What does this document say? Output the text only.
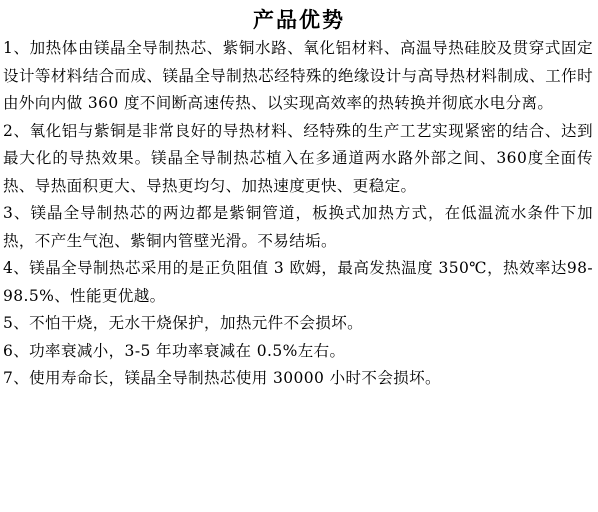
产品优势

1、加热体由镁晶全导制热芯、紫铜水路、氧化铝材料、高温导热硅胶及贯穿式固定设计等材料结合而成、镁晶全导制热芯经特殊的绝缘设计与高导热材料制成、工作时由外向内做 360 度不间断高速传热、以实现高效率的热转换并彻底水电分离。

2、氧化铝与紫铜是非常良好的导热材料、经特殊的生产工艺实现紧密的结合、达到最大化的导热效果。镁晶全导制热芯植入在多通道两水路外部之间、360度全面传热、导热面积更大、导热更均匀、加热速度更快、更稳定。

3、镁晶全导制热芯的两边都是紫铜管道，板换式加热方式，在低温流水条件下加热，不产生气泡、紫铜内管壁光滑。不易结垢。

4、镁晶全导制热芯采用的是正负阻值 3 欧姆，最高发热温度 350℃，热效率达98-98.5%、性能更优越。

5、不怕干烧，无水干烧保护，加热元件不会损坏。

6、功率衰减小，3-5 年功率衰减在 0.5%左右。

7、使用寿命长，镁晶全导制热芯使用 30000 小时不会损坏。
